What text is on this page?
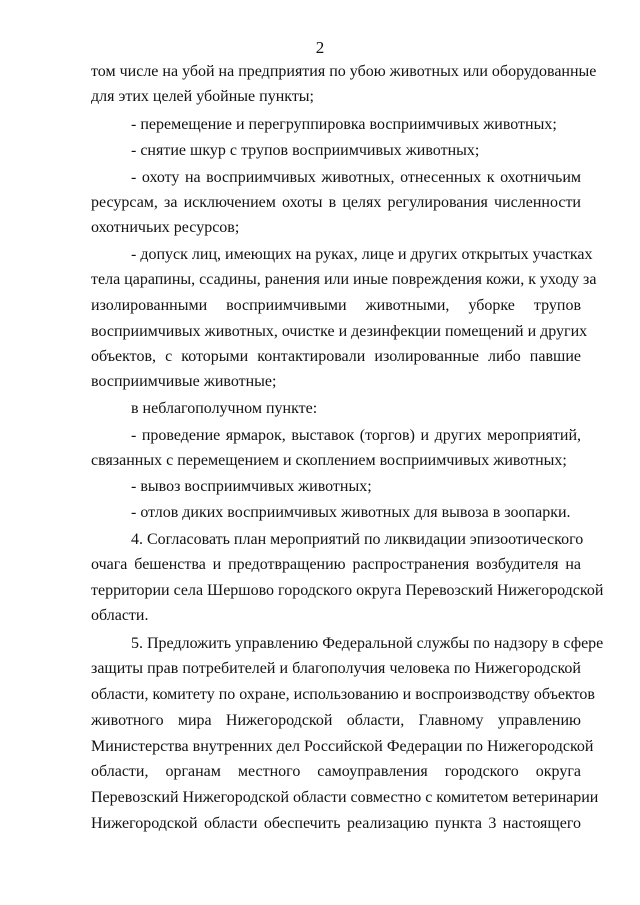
2
том числе на убой на предприятия по убою животных или оборудованные
для этих целей убойные пункты;
- перемещение и перегруппировка восприимчивых животных;
- снятие шкур с трупов восприимчивых животных;
- охоту на восприимчивых животных, отнесенных к охотничьим
ресурсам, за исключением охоты в целях регулирования численности
охотничьих ресурсов;
- допуск лиц, имеющих на руках, лице и других открытых участках
тела царапины, ссадины, ранения или иные повреждения кожи, к уходу за
изолированными восприимчивыми животными, уборке трупов
восприимчивых животных, очистке и дезинфекции помещений и других
объектов, с которыми контактировали изолированные либо павшие
восприимчивые животные;
в неблагополучном пункте:
- проведение ярмарок, выставок (торгов) и других мероприятий,
связанных с перемещением и скоплением восприимчивых животных;
- вывоз восприимчивых животных;
- отлов диких восприимчивых животных для вывоза в зоопарки.
4. Согласовать план мероприятий по ликвидации эпизоотического
очага бешенства и предотвращению распространения возбудителя на
территории села Шершово городского округа Перевозский Нижегородской
области.
5. Предложить управлению Федеральной службы по надзору в сфере
защиты прав потребителей и благополучия человека по Нижегородской
области, комитету по охране, использованию и воспроизводству объектов
животного мира Нижегородской области, Главному управлению
Министерства внутренних дел Российской Федерации по Нижегородской
области, органам местного самоуправления городского округа
Перевозский Нижегородской области совместно с комитетом ветеринарии
Нижегородской области обеспечить реализацию пункта 3 настоящего
